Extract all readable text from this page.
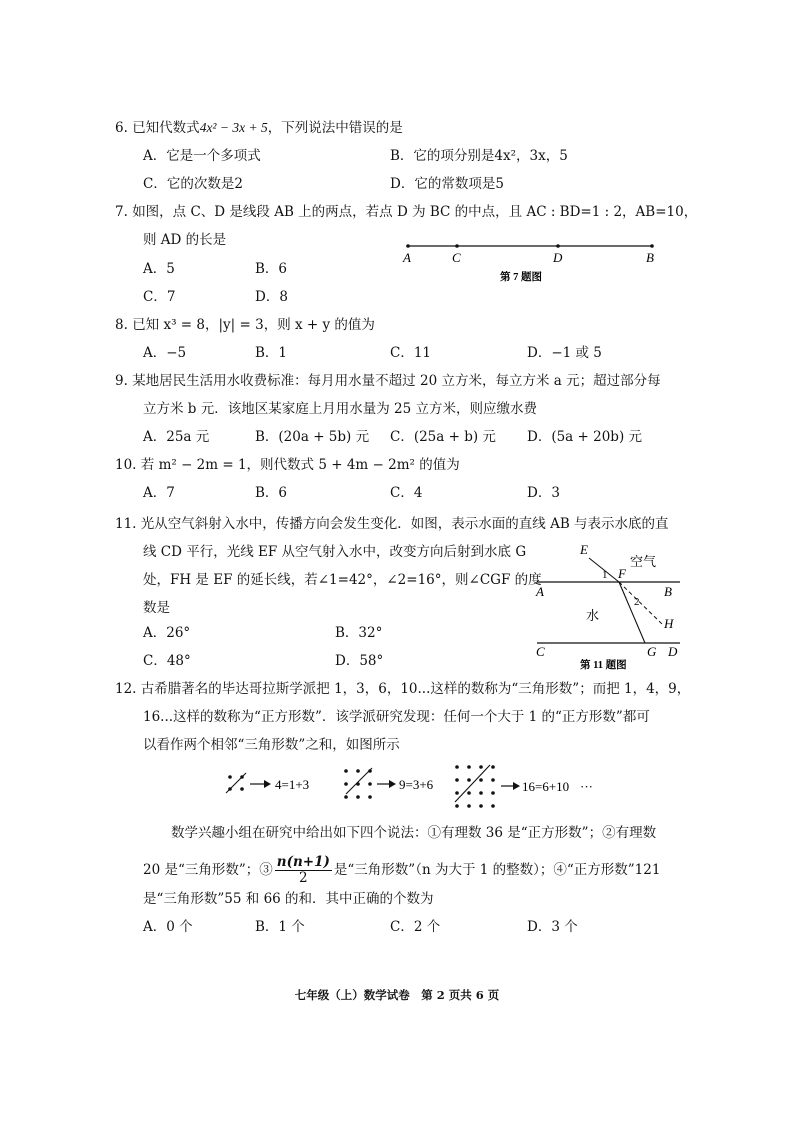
6. 已知代数式4x² − 3x + 5，下列说法中错误的是
A．它是一个多项式	B．它的项分别是4x²，3x，5
C．它的次数是2	D．它的常数项是5
7. 如图，点 C、D 是线段 AB 上的两点，若点 D 为 BC 的中点，且 AC : BD=1 : 2，AB=10，
则 AD 的长是
A．5	B．6
C．7	D．8
A	C	D	B
第 7 题图
8. 已知 x³ = 8，|y| = 3，则 x + y 的值为
A．−5	B．1	C．11	D．−1 或 5
9. 某地居民生活用水收费标准：每月用水量不超过 20 立方米，每立方米 a 元；超过部分每
立方米 b 元．该地区某家庭上月用水量为 25 立方米，则应缴水费
A．25a 元	B．(20a + 5b) 元 C．(25a + b) 元 D．(5a + 20b) 元
10. 若 m² − 2m = 1，则代数式 5 + 4m − 2m² 的值为
A．7	B．6	C．4	D．3
11. 光从空气斜射入水中，传播方向会发生变化．如图，表示水面的直线 AB 与表示水底的直
线 CD 平行，光线 EF 从空气射入水中，改变方向后射到水底 G
处，FH 是 EF 的延长线，若∠1=42°，∠2=16°，则∠CGF 的度
数是
A．26°	B．32°
C．48°	D．58°
E
F
1
2
空气
水
A	B
H
C	G D
第 11 题图
12. 古希腊著名的毕达哥拉斯学派把 1，3，6，10...这样的数称为“三角形数”；而把 1，4，9，
16...这样的数称为“正方形数”．该学派研究发现：任何一个大于 1 的“正方形数”都可
以看作两个相邻“三角形数”之和，如图所示
4=1+3	9=3+6	16=6+10 ···
数学兴趣小组在研究中给出如下四个说法：①有理数 36 是“正方形数”；②有理数
20 是“三角形数”；③ $\frac{n(n+1)}{2}$ 是“三角形数”（n 为大于 1 的整数）；④“正方形数”121
是“三角形数”55 和 66 的和．其中正确的个数为
A．0 个	B．1 个	C．2 个	D．3 个
七年级（上）数学试卷　第 2 页共 6 页
